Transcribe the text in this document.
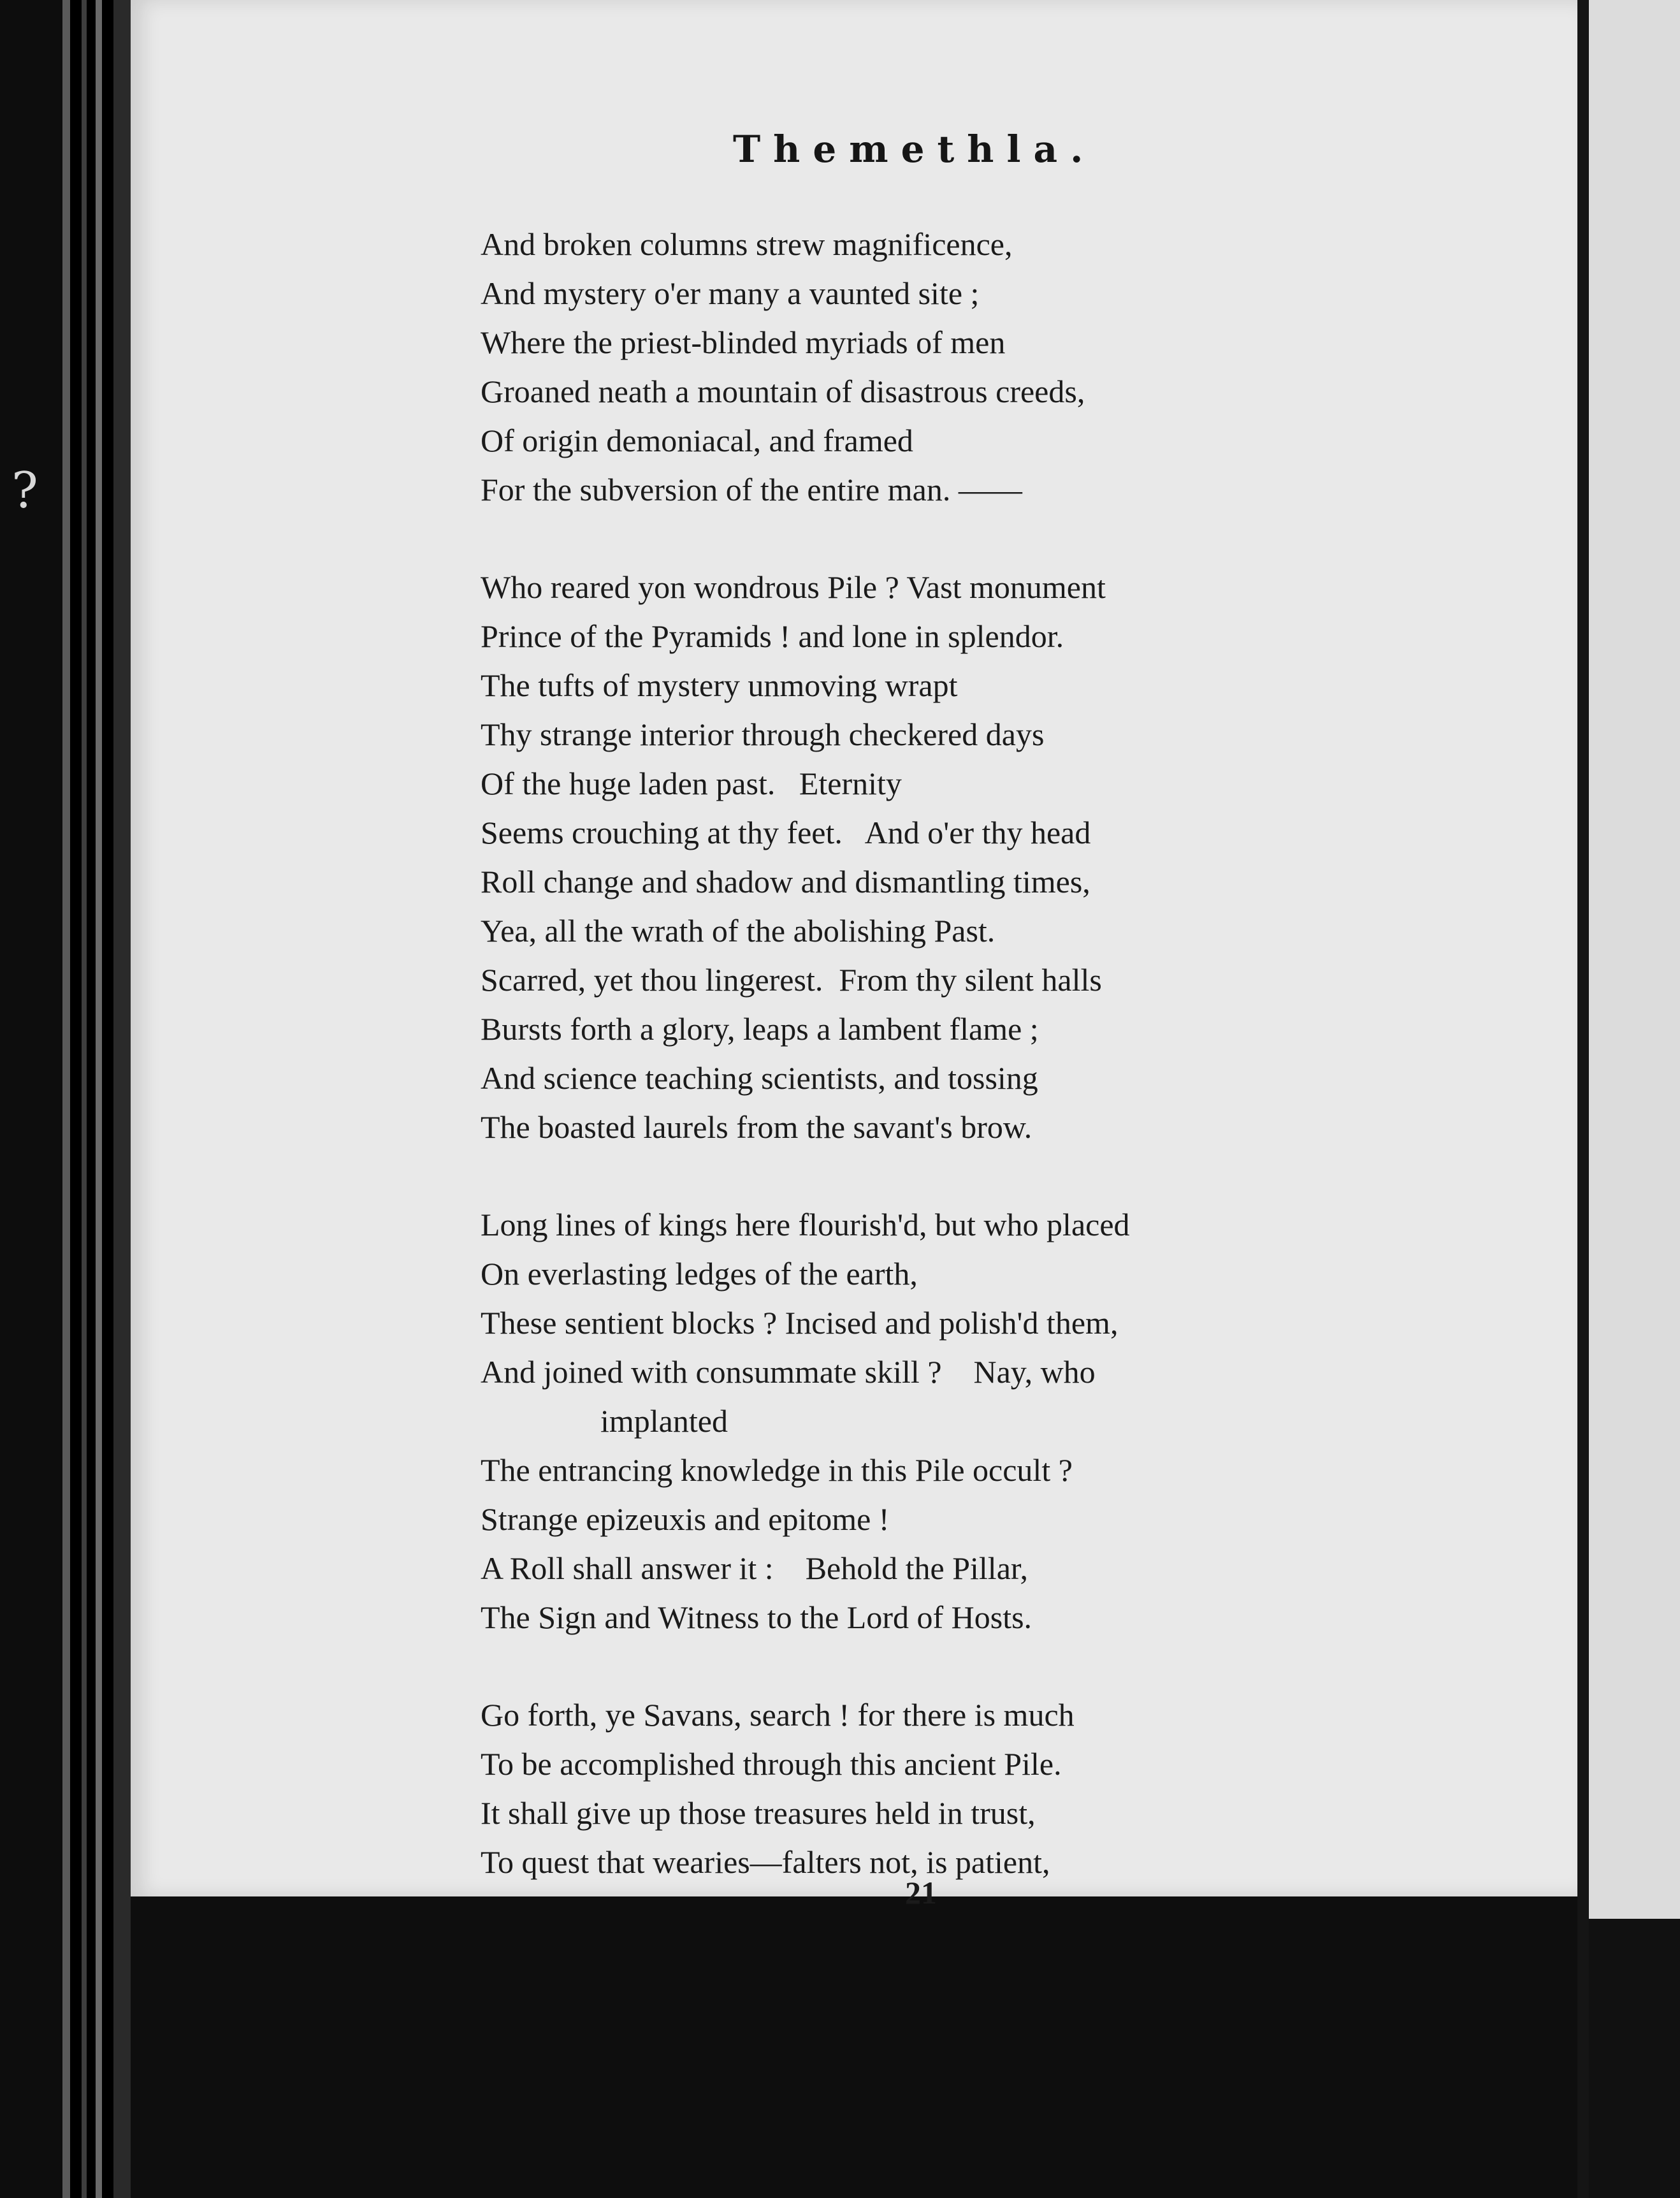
?
Themethla.
And broken columns strew magnificence,
And mystery o'er many a vaunted site ;
Where the priest-blinded myriads of men
Groaned neath a mountain of disastrous creeds,
Of origin demoniacal, and framed
For the subversion of the entire man. ——
Who reared yon wondrous Pile ? Vast monument
Prince of the Pyramids ! and lone in splendor.
The tufts of mystery unmoving wrapt
Thy strange interior through checkered days
Of the huge laden past.   Eternity
Seems crouching at thy feet.   And o'er thy head
Roll change and shadow and dismantling times,
Yea, all the wrath of the abolishing Past.
Scarred, yet thou lingerest.  From thy silent halls
Bursts forth a glory, leaps a lambent flame ;
And science teaching scientists, and tossing
The boasted laurels from the savant's brow.
Long lines of kings here flourish'd, but who placed
On everlasting ledges of the earth,
These sentient blocks ? Incised and polish'd them,
And joined with consummate skill ?    Nay, who
implanted
The entrancing knowledge in this Pile occult ?
Strange epizeuxis and epitome !
A Roll shall answer it :    Behold the Pillar,
The Sign and Witness to the Lord of Hosts.
Go forth, ye Savans, search ! for there is much
To be accomplished through this ancient Pile.
It shall give up those treasures held in trust,
To quest that wearies—falters not, is patient,
21
